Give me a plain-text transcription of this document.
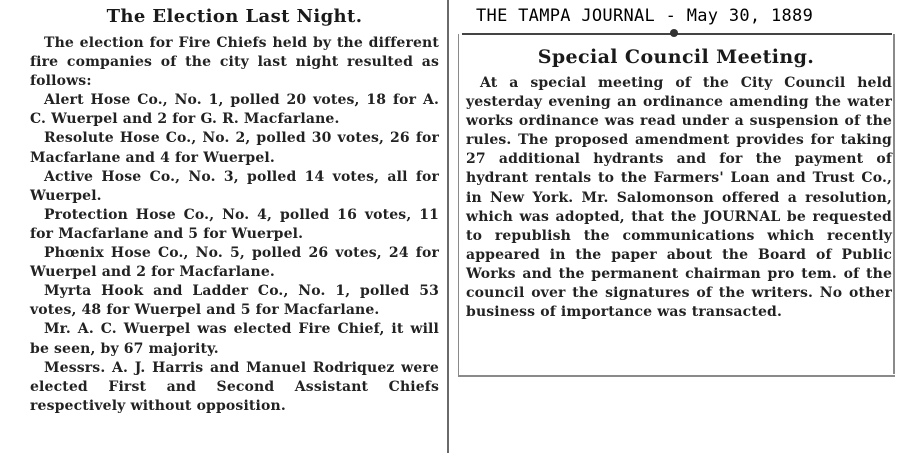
The Election Last Night.

The election for Fire Chiefs held by the different fire companies of the city last night resulted as follows:

Alert Hose Co., No. 1, polled 20 votes, 18 for A. C. Wuerpel and 2 for G. R. Macfarlane.

Resolute Hose Co., No. 2, polled 30 votes, 26 for Macfarlane and 4 for Wuerpel.

Active Hose Co., No. 3, polled 14 votes, all for Wuerpel.

Protection Hose Co., No. 4, polled 16 votes, 11 for Macfarlane and 5 for Wuerpel.

Phœnix Hose Co., No. 5, polled 26 votes, 24 for Wuerpel and 2 for Macfarlane.

Myrta Hook and Ladder Co., No. 1, polled 53 votes, 48 for Wuerpel and 5 for Macfarlane.

Mr. A. C. Wuerpel was elected Fire Chief, it will be seen, by 67 majority.

Messrs. A. J. Harris and Manuel Rodriquez were elected First and Second Assistant Chiefs respectively without opposition.

THE TAMPA JOURNAL - May 30, 1889
Special Council Meeting.

At a special meeting of the City Council held yesterday evening an ordinance amending the water works ordinance was read under a suspension of the rules. The proposed amendment provides for taking 27 additional hydrants and for the payment of hydrant rentals to the Farmers' Loan and Trust Co., in New York. Mr. Salomonson offered a resolution, which was adopted, that the JOURNAL be requested to republish the communications which recently appeared in the paper about the Board of Public Works and the permanent chairman pro tem. of the council over the signatures of the writers. No other business of importance was transacted.
